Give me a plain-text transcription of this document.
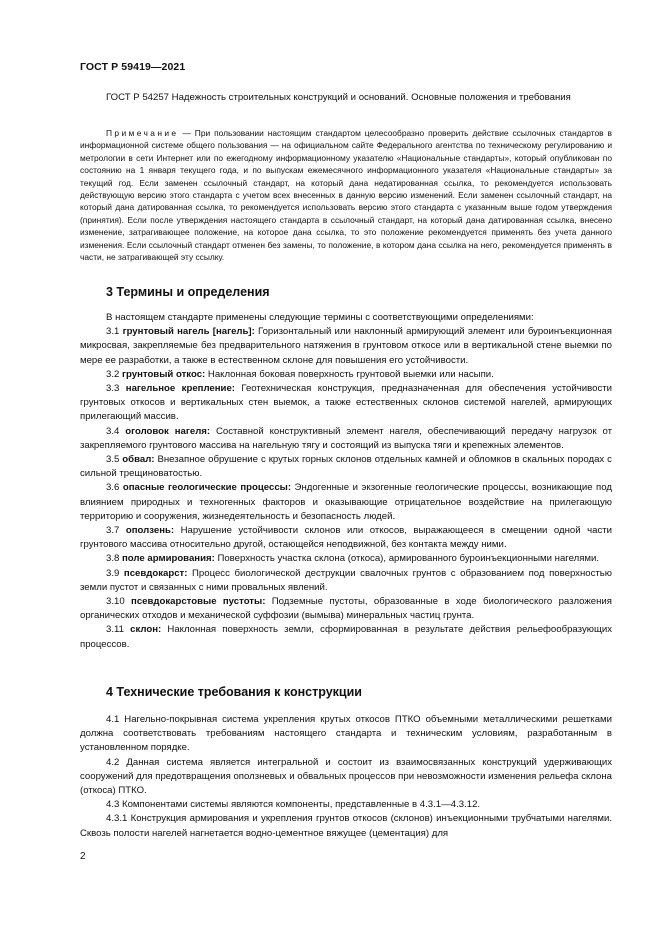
ГОСТ Р 59419—2021

ГОСТ Р 54257 Надежность строительных конструкций и оснований. Основные положения и требования

Примечание — При пользовании настоящим стандартом целесообразно проверить действие ссылочных стандартов в информационной системе общего пользования — на официальном сайте Федерального агентства по техническому регулированию и метрологии в сети Интернет или по ежегодному информационному указателю «Национальные стандарты», который опубликован по состоянию на 1 января текущего года, и по выпускам ежемесячного информационного указателя «Национальные стандарты» за текущий год. Если заменен ссылочный стандарт, на который дана недатированная ссылка, то рекомендуется использовать действующую версию этого стандарта с учетом всех внесенных в данную версию изменений. Если заменен ссылочный стандарт, на который дана датированная ссылка, то рекомендуется использовать версию этого стандарта с указанным выше годом утверждения (принятия). Если после утверждения настоящего стандарта в ссылочный стандарт, на который дана датированная ссылка, внесено изменение, затрагивающее положение, на которое дана ссылка, то это положение рекомендуется применять без учета данного изменения. Если ссылочный стандарт отменен без замены, то положение, в котором дана ссылка на него, рекомендуется применять в части, не затрагивающей эту ссылку.

3 Термины и определения

В настоящем стандарте применены следующие термины с соответствующими определениями:

3.1 грунтовый нагель [нагель]: Горизонтальный или наклонный армирующий элемент или буроинъекционная микросвая, закрепляемые без предварительного натяжения в грунтовом откосе или в вертикальной стене выемки по мере ее разработки, а также в естественном склоне для повышения его устойчивости.

3.2 грунтовый откос: Наклонная боковая поверхность грунтовой выемки или насыпи.

3.3 нагельное крепление: Геотехническая конструкция, предназначенная для обеспечения устойчивости грунтовых откосов и вертикальных стен выемок, а также естественных склонов системой нагелей, армирующих прилегающий массив.

3.4 оголовок нагеля: Составной конструктивный элемент нагеля, обеспечивающий передачу нагрузок от закрепляемого грунтового массива на нагельную тягу и состоящий из выпуска тяги и крепежных элементов.

3.5 обвал: Внезапное обрушение с крутых горных склонов отдельных камней и обломков в скальных породах с сильной трещиноватостью.

3.6 опасные геологические процессы: Эндогенные и экзогенные геологические процессы, возникающие под влиянием природных и техногенных факторов и оказывающие отрицательное воздействие на прилегающую территорию и сооружения, жизнедеятельность и безопасность людей.

3.7 оползень: Нарушение устойчивости склонов или откосов, выражающееся в смещении одной части грунтового массива относительно другой, остающейся неподвижной, без контакта между ними.

3.8 поле армирования: Поверхность участка склона (откоса), армированного буроинъекционными нагелями.

3.9 псевдокарст: Процесс биологической деструкции свалочных грунтов с образованием под поверхностью земли пустот и связанных с ними провальных явлений.

3.10 псевдокарстовые пустоты: Подземные пустоты, образованные в ходе биологического разложения органических отходов и механической суффозии (вымыва) минеральных частиц грунта.

3.11 склон: Наклонная поверхность земли, сформированная в результате действия рельефообразующих процессов.

4 Технические требования к конструкции

4.1 Нагельно-покрывная система укрепления крутых откосов ПТКО объемными металлическими решетками должна соответствовать требованиям настоящего стандарта и техническим условиям, разработанным в установленном порядке.

4.2 Данная система является интегральной и состоит из взаимосвязанных конструкций удерживающих сооружений для предотвращения оползневых и обвальных процессов при невозможности изменения рельефа склона (откоса) ПТКО.

4.3 Компонентами системы являются компоненты, представленные в 4.3.1—4.3.12.

4.3.1 Конструкция армирования и укрепления грунтов откосов (склонов) инъекционными трубчатыми нагелями. Сквозь полости нагелей нагнетается водно-цементное вяжущее (цементация) для

2
